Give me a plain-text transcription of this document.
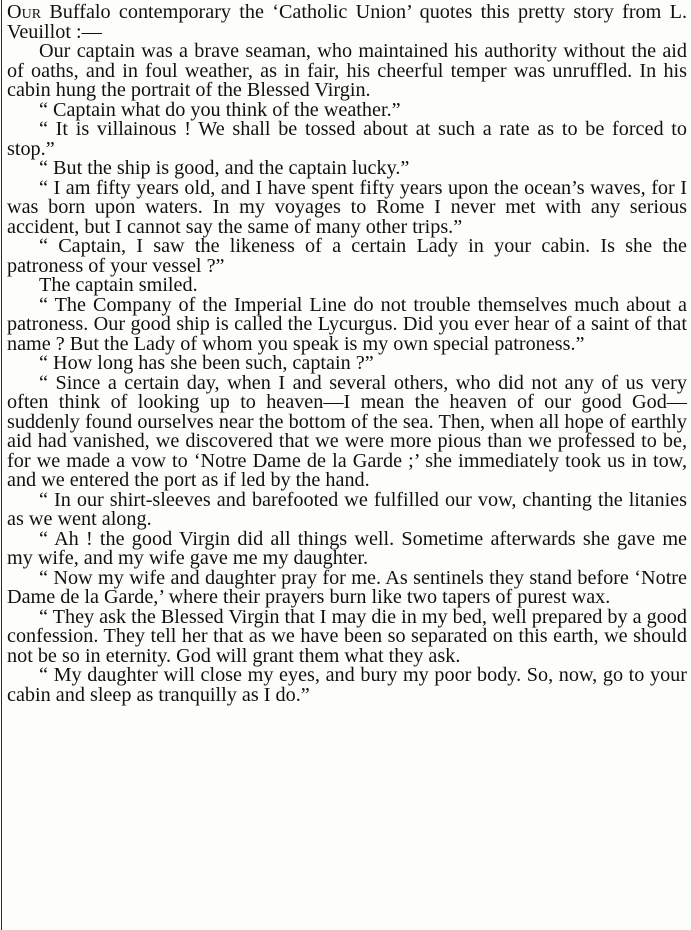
Our Buffalo contemporary the ‘Catholic Union’ quotes this pretty story from L. Veuillot :—

Our captain was a brave seaman, who maintained his authority without the aid of oaths, and in foul weather, as in fair, his cheerful temper was unruffled. In his cabin hung the portrait of the Blessed Virgin.

“ Captain what do you think of the weather.”

“ It is villainous ! We shall be tossed about at such a rate as to be forced to stop.”

“ But the ship is good, and the captain lucky.”

“ I am fifty years old, and I have spent fifty years upon the ocean’s waves, for I was born upon waters. In my voyages to Rome I never met with any serious accident, but I cannot say the same of many other trips.”

“ Captain, I saw the likeness of a certain Lady in your cabin. Is she the patroness of your vessel ?”

The captain smiled.

“ The Company of the Imperial Line do not trouble themselves much about a patroness. Our good ship is called the Lycurgus. Did you ever hear of a saint of that name ? But the Lady of whom you speak is my own special patroness.”

“ How long has she been such, captain ?”

“ Since a certain day, when I and several others, who did not any of us very often think of looking up to heaven—I mean the heaven of our good God—suddenly found ourselves near the bottom of the sea. Then, when all hope of earthly aid had vanished, we discovered that we were more pious than we professed to be, for we made a vow to ‘Notre Dame de la Garde ;’ she immediately took us in tow, and we entered the port as if led by the hand.

“ In our shirt-sleeves and barefooted we fulfilled our vow, chanting the litanies as we went along.

“ Ah ! the good Virgin did all things well. Sometime afterwards she gave me my wife, and my wife gave me my daughter.

“ Now my wife and daughter pray for me. As sentinels they stand before ‘Notre Dame de la Garde,’ where their prayers burn like two tapers of purest wax.

“ They ask the Blessed Virgin that I may die in my bed, well prepared by a good confession. They tell her that as we have been so separated on this earth, we should not be so in eternity. God will grant them what they ask.

“ My daughter will close my eyes, and bury my poor body. So, now, go to your cabin and sleep as tranquilly as I do.”
